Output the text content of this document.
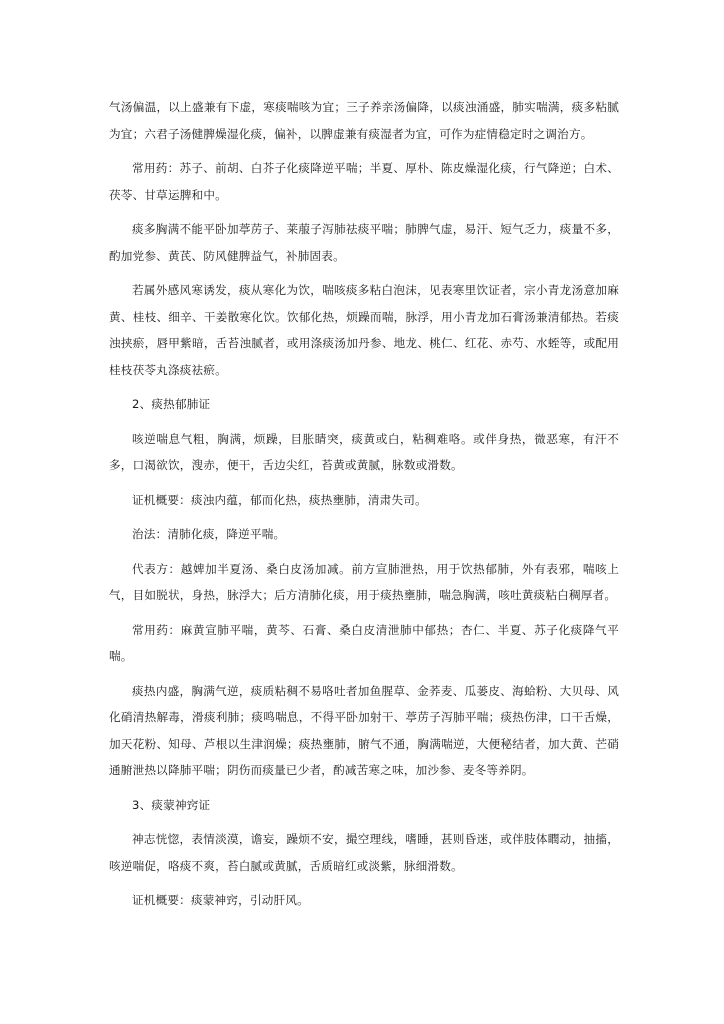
气汤偏温，以上盛兼有下虚，寒痰喘咳为宜；三子养亲汤偏降，以痰浊涌盛，肺实喘满，痰多粘腻为宜；六君子汤健脾燥湿化痰，偏补，以脾虚兼有痰湿者为宜，可作为症情稳定时之调治方。

常用药：苏子、前胡、白芥子化痰降逆平喘；半夏、厚朴、陈皮燥湿化痰，行气降逆；白术、茯苓、甘草运脾和中。

痰多胸满不能平卧加葶苈子、莱菔子泻肺祛痰平喘；肺脾气虚，易汗、短气乏力，痰量不多，酌加党参、黄芪、防风健脾益气，补肺固表。

若属外感风寒诱发，痰从寒化为饮，喘咳痰多粘白泡沫，见表寒里饮证者，宗小青龙汤意加麻黄、桂枝、细辛、干姜散寒化饮。饮郁化热，烦躁而喘，脉浮，用小青龙加石膏汤兼清郁热。若痰浊挟瘀，唇甲紫暗，舌苔浊腻者，或用涤痰汤加丹参、地龙、桃仁、红花、赤芍、水蛭等，或配用桂枝茯苓丸涤痰祛瘀。

2、痰热郁肺证

咳逆喘息气粗，胸满，烦躁，目胀睛突，痰黄或白，粘稠难咯。或伴身热，微恶寒，有汗不多，口渴欲饮，溲赤，便干，舌边尖红，苔黄或黄腻，脉数或滑数。

证机概要：痰浊内蕴，郁而化热，痰热壅肺，清肃失司。

治法：清肺化痰，降逆平喘。

代表方：越婢加半夏汤、桑白皮汤加减。前方宣肺泄热，用于饮热郁肺，外有表邪，喘咳上气，目如脱状，身热，脉浮大；后方清肺化痰，用于痰热壅肺，喘急胸满，咳吐黄痰粘白稠厚者。

常用药：麻黄宣肺平喘，黄芩、石膏、桑白皮清泄肺中郁热；杏仁、半夏、苏子化痰降气平喘。

痰热内盛，胸满气逆，痰质粘稠不易咯吐者加鱼腥草、金荞麦、瓜蒌皮、海蛤粉、大贝母、风化硝清热解毒，滑痰利肺；痰鸣喘息，不得平卧加射干、葶苈子泻肺平喘；痰热伤津，口干舌燥，加天花粉、知母、芦根以生津润燥；痰热壅肺，腑气不通，胸满喘逆，大便秘结者，加大黄、芒硝通腑泄热以降肺平喘；阴伤而痰量已少者，酌减苦寒之味，加沙参、麦冬等养阴。

3、痰蒙神窍证

神志恍惚，表情淡漠，谵妄，躁烦不安，撮空理线，嗜睡，甚则昏迷，或伴肢体瞤动，抽搐，咳逆喘促，咯痰不爽，苔白腻或黄腻，舌质暗红或淡紫，脉细滑数。

证机概要：痰蒙神窍，引动肝风。
